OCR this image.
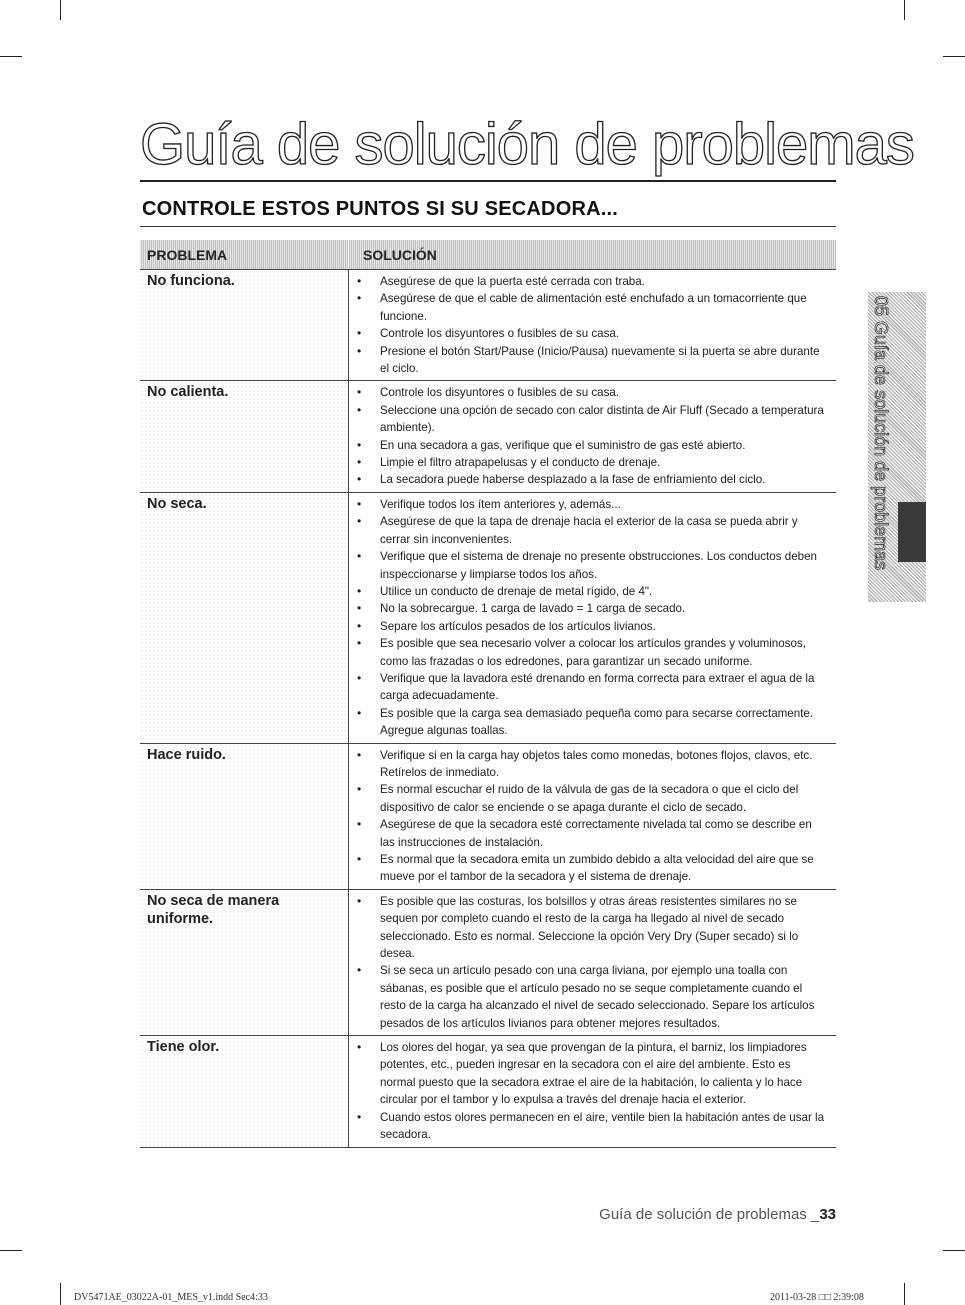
Guía de solución de problemas
CONTROLE ESTOS PUNTOS SI SU SECADORA...
PROBLEMA	SOLUCIÓN
No funciona.	• Asegúrese de que la puerta esté cerrada con traba.
• Asegúrese de que el cable de alimentación esté enchufado a un tomacorriente que funcione.
• Controle los disyuntores o fusibles de su casa.
• Presione el botón Start/Pause (Inicio/Pausa) nuevamente si la puerta se abre durante el ciclo.
No calienta.	• Controle los disyuntores o fusibles de su casa.
• Seleccione una opción de secado con calor distinta de Air Fluff (Secado a temperatura ambiente).
• En una secadora a gas, verifique que el suministro de gas esté abierto.
• Limpie el filtro atrapapelusas y el conducto de drenaje.
• La secadora puede haberse desplazado a la fase de enfriamiento del ciclo.
No seca.	• Verifique todos los ítem anteriores y, además...
• Asegúrese de que la tapa de drenaje hacia el exterior de la casa se pueda abrir y cerrar sin inconvenientes.
• Verifique que el sistema de drenaje no presente obstrucciones. Los conductos deben inspeccionarse y limpiarse todos los años.
• Utilice un conducto de drenaje de metal rígido, de 4".
• No la sobrecargue. 1 carga de lavado = 1 carga de secado.
• Separe los artículos pesados de los artículos livianos.
• Es posible que sea necesario volver a colocar los artículos grandes y voluminosos, como las frazadas o los edredones, para garantizar un secado uniforme.
• Verifique que la lavadora esté drenando en forma correcta para extraer el agua de la carga adecuadamente.
• Es posible que la carga sea demasiado pequeña como para secarse correctamente. Agregue algunas toallas.
Hace ruido.	• Verifique si en la carga hay objetos tales como monedas, botones flojos, clavos, etc. Retírelos de inmediato.
• Es normal escuchar el ruido de la válvula de gas de la secadora o que el ciclo del dispositivo de calor se enciende o se apaga durante el ciclo de secado.
• Asegúrese de que la secadora esté correctamente nivelada tal como se describe en las instrucciones de instalación.
• Es normal que la secadora emita un zumbido debido a alta velocidad del aire que se mueve por el tambor de la secadora y el sistema de drenaje.
No seca de manera uniforme.
• Es posible que las costuras, los bolsillos y otras áreas resistentes similares no se sequen por completo cuando el resto de la carga ha llegado al nivel de secado seleccionado. Esto es normal. Seleccione la opción Very Dry (Super secado) si lo desea.
• Si se seca un artículo pesado con una carga liviana, por ejemplo una toalla con sábanas, es posible que el artículo pesado no se seque completamente cuando el resto de la carga ha alcanzado el nivel de secado seleccionado. Separe los artículos pesados de los artículos livianos para obtener mejores resultados.
Tiene olor.	• Los olores del hogar, ya sea que provengan de la pintura, el barniz, los limpiadores potentes, etc., pueden ingresar en la secadora con el aire del ambiente. Esto es normal puesto que la secadora extrae el aire de la habitación, lo calienta y lo hace circular por el tambor y lo expulsa a través del drenaje hacia el exterior.
• Cuando estos olores permanecen en el aire, ventile bien la habitación antes de usar la secadora.
05 Guía de solución de problemas
Guía de solución de problemas _33
DV5471AE_03022A-01_MES_v1.indd Sec4:33	2011-03-28 □□ 2:39:08
